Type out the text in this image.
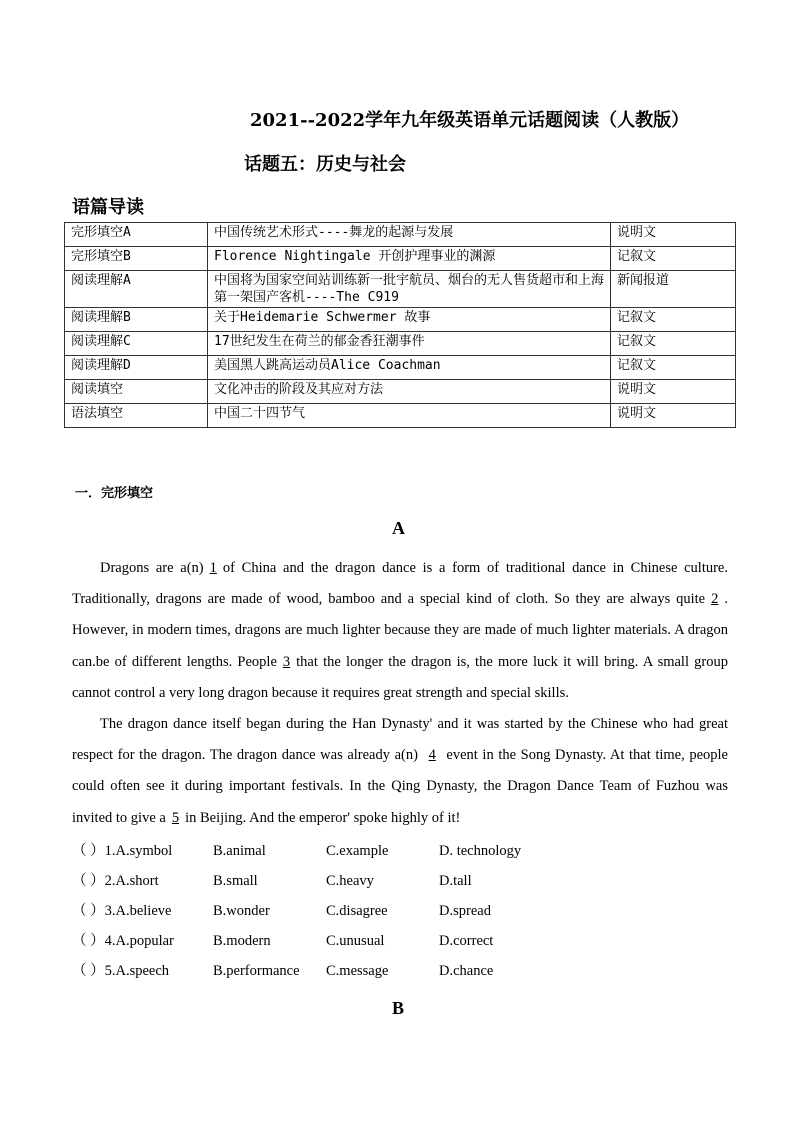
2021--2022学年九年级英语单元话题阅读（人教版）
话题五：历史与社会
语篇导读
完形填空A	中国传统艺术形式----舞龙的起源与发展	说明文
完形填空B	Florence Nightingale 开创护理事业的渊源	记叙文
阅读理解A	中国将为国家空间站训练新一批宇航员、烟台的无人售货超市和上海第一架国产客机----The C919	新闻报道
阅读理解B	关于Heidemarie Schwermer 故事	记叙文
阅读理解C	17世纪发生在荷兰的郁金香狂潮事件	记叙文
阅读理解D	美国黑人跳高运动员Alice Coachman	记叙文
阅读填空	文化冲击的阶段及其应对方法	说明文
语法填空	中国二十四节气	说明文
一．完形填空
A

Dragons are a(n) 1 of China and the dragon dance is a form of traditional dance in Chinese culture. Traditionally, dragons are made of wood, bamboo and a special kind of cloth. So they are always quite 2 . However, in modern times, dragons are much lighter because they are made of much lighter materials. A dragon can.be of different lengths. People 3 that the longer the dragon is, the more luck it will bring. A small group cannot control a very long dragon because it requires great strength and special skills.

The dragon dance itself began during the Han Dynasty' and it was started by the Chinese who had great respect for the dragon. The dragon dance was already a(n) 4 event in the Song Dynasty. At that time, people could often see it during important festivals. In the Qing Dynasty, the Dragon Dance Team of Fuzhou was invited to give a 5 in Beijing. And the emperor' spoke highly of it!

（ ）1.A.symbol	B.animal	C.example	D. technology
（ ）2.A.short	B.small	C.heavy	D.tall
（ ）3.A.believe	B.wonder	C.disagree	D.spread
（ ）4.A.popular	B.modern	C.unusual	D.correct
（ ）5.A.speech	B.performance	C.message	D.chance
B
